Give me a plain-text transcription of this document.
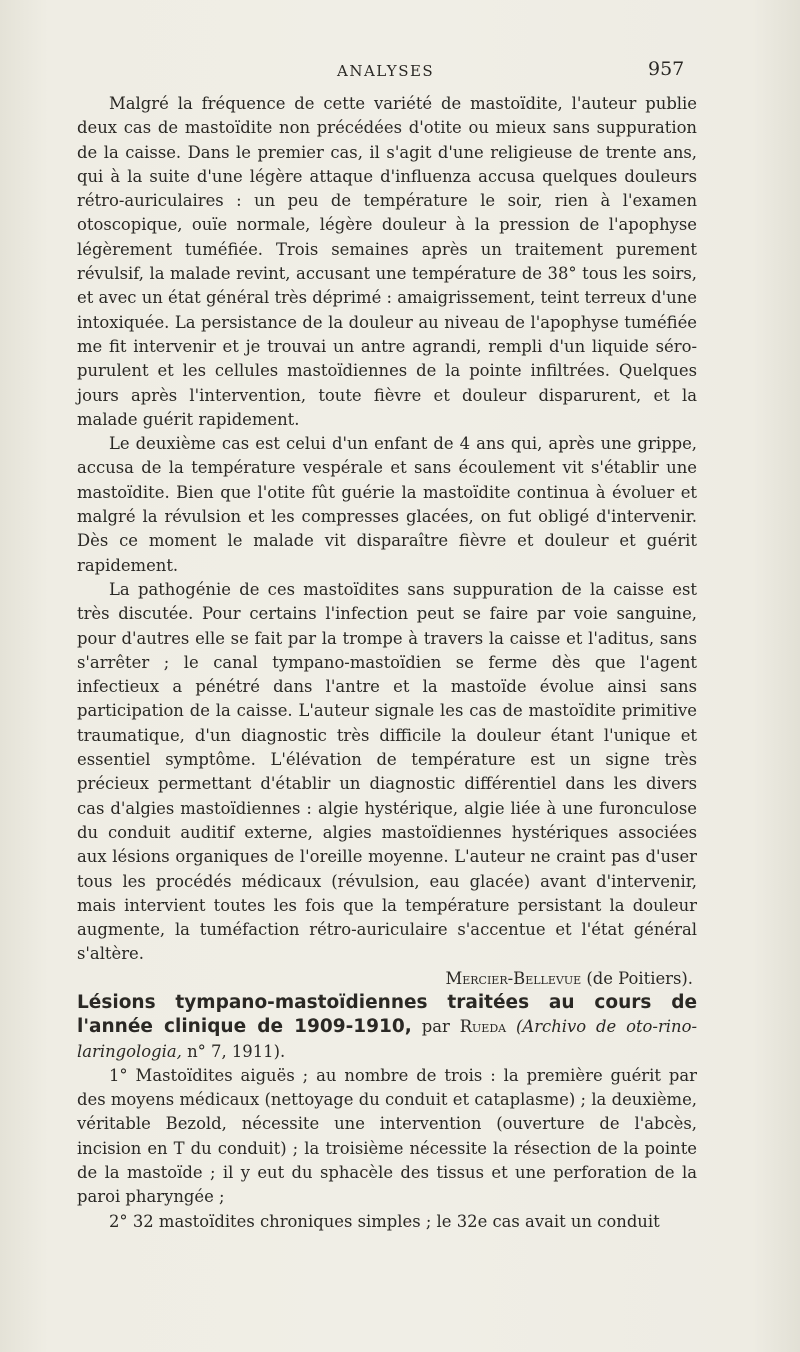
ANALYSES	957

Malgré la fréquence de cette variété de mastoïdite, l'auteur publie deux cas de mastoïdite non précédées d'otite ou mieux sans suppuration de la caisse. Dans le premier cas, il s'agit d'une religieuse de trente ans, qui à la suite d'une légère attaque d'influenza accusa quelques douleurs rétro-auriculaires : un peu de température le soir, rien à l'examen otoscopique, ouïe normale, légère douleur à la pression de l'apophyse légèrement tuméfiée. Trois semaines après un traitement purement révulsif, la malade revint, accusant une température de 38° tous les soirs, et avec un état général très déprimé : amaigrissement, teint terreux d'une intoxiquée. La persistance de la douleur au niveau de l'apophyse tuméfiée me fit intervenir et je trouvai un antre agrandi, rempli d'un liquide séro-purulent et les cellules mastoïdiennes de la pointe infiltrées. Quelques jours après l'intervention, toute fièvre et douleur disparurent, et la malade guérit rapidement.

Le deuxième cas est celui d'un enfant de 4 ans qui, après une grippe, accusa de la température vespérale et sans écoulement vit s'établir une mastoïdite. Bien que l'otite fût guérie la mastoïdite continua à évoluer et malgré la révulsion et les compresses glacées, on fut obligé d'intervenir. Dès ce moment le malade vit disparaître fièvre et douleur et guérit rapidement.

La pathogénie de ces mastoïdites sans suppuration de la caisse est très discutée. Pour certains l'infection peut se faire par voie sanguine, pour d'autres elle se fait par la trompe à travers la caisse et l'aditus, sans s'arrêter ; le canal tympano-mastoïdien se ferme dès que l'agent infectieux a pénétré dans l'antre et la mastoïde évolue ainsi sans participation de la caisse. L'auteur signale les cas de mastoïdite primitive traumatique, d'un diagnostic très difficile la douleur étant l'unique et essentiel symptôme. L'élévation de température est un signe très précieux permettant d'établir un diagnostic différentiel dans les divers cas d'algies mastoïdiennes : algie hystérique, algie liée à une furonculose du conduit auditif externe, algies mastoïdiennes hystériques associées aux lésions organiques de l'oreille moyenne. L'auteur ne craint pas d'user tous les procédés médicaux (révulsion, eau glacée) avant d'intervenir, mais intervient toutes les fois que la température persistant la douleur augmente, la tuméfaction rétro-auriculaire s'accentue et l'état général s'altère.

Mercier-Bellevue (de Poitiers).

Lésions tympano-mastoïdiennes traitées au cours de l'année clinique de 1909-1910, par Rueda (Archivo de oto-rino-laringologia, n° 7, 1911).

1° Mastoïdites aiguës ; au nombre de trois : la première guérit par des moyens médicaux (nettoyage du conduit et cataplasme) ; la deuxième, véritable Bezold, nécessite une intervention (ouverture de l'abcès, incision en T du conduit) ; la troisième nécessite la résection de la pointe de la mastoïde ; il y eut du sphacèle des tissus et une perforation de la paroi pharyngée ;

2° 32 mastoïdites chroniques simples ; le 32e cas avait un conduit
